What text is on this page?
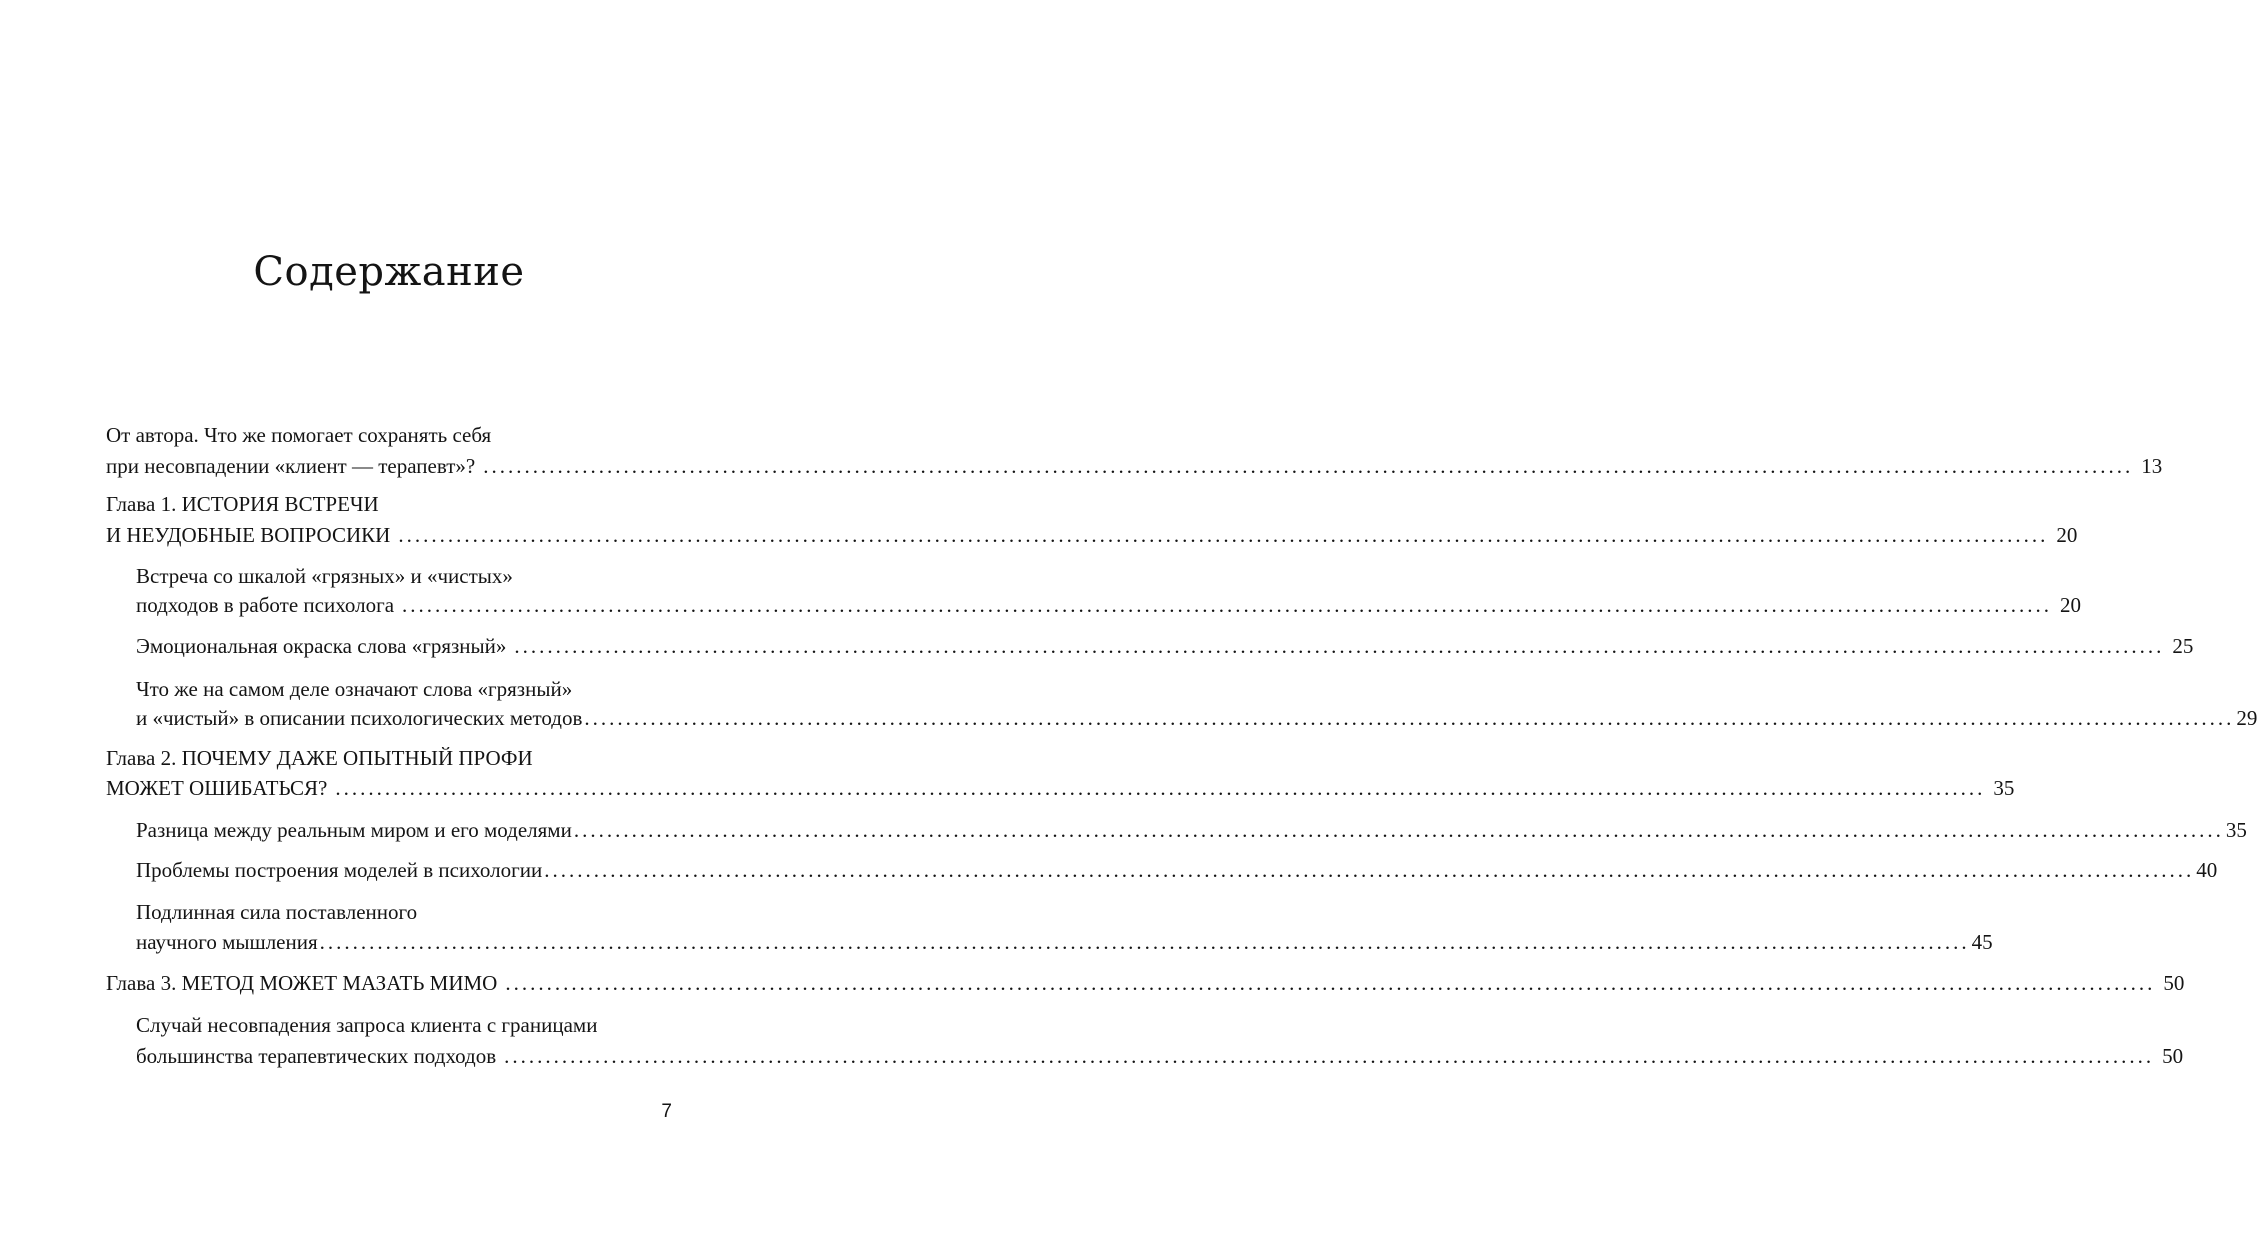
Содержание
От автора. Что же помогает сохранять себя
при несовпадении «клиент — терапевт»? ........................................................................................................................................................................................................ 13
Глава 1. ИСТОРИЯ ВСТРЕЧИ
И НЕУДОБНЫЕ ВОПРОСИКИ ........................................................................................................................................................................................................ 20
Встреча со шкалой «грязных» и «чистых»
подходов в работе психолога ........................................................................................................................................................................................................ 20
Эмоциональная окраска слова «грязный» ........................................................................................................................................................................................................ 25
Что же на самом деле означают слова «грязный»
и «чистый» в описании психологических методов ........................................................................................................................................................................................................ 29
Глава 2. ПОЧЕМУ ДАЖЕ ОПЫТНЫЙ ПРОФИ
МОЖЕТ ОШИБАТЬСЯ? ........................................................................................................................................................................................................ 35
Разница между реальным миром и его моделями ........................................................................................................................................................................................................ 35
Проблемы построения моделей в психологии ........................................................................................................................................................................................................ 40
Подлинная сила поставленного
научного мышления ........................................................................................................................................................................................................ 45
Глава 3. МЕТОД МОЖЕТ МАЗАТЬ МИМО ........................................................................................................................................................................................................ 50
Случай несовпадения запроса клиента с границами
большинства терапевтических подходов ........................................................................................................................................................................................................ 50
7
